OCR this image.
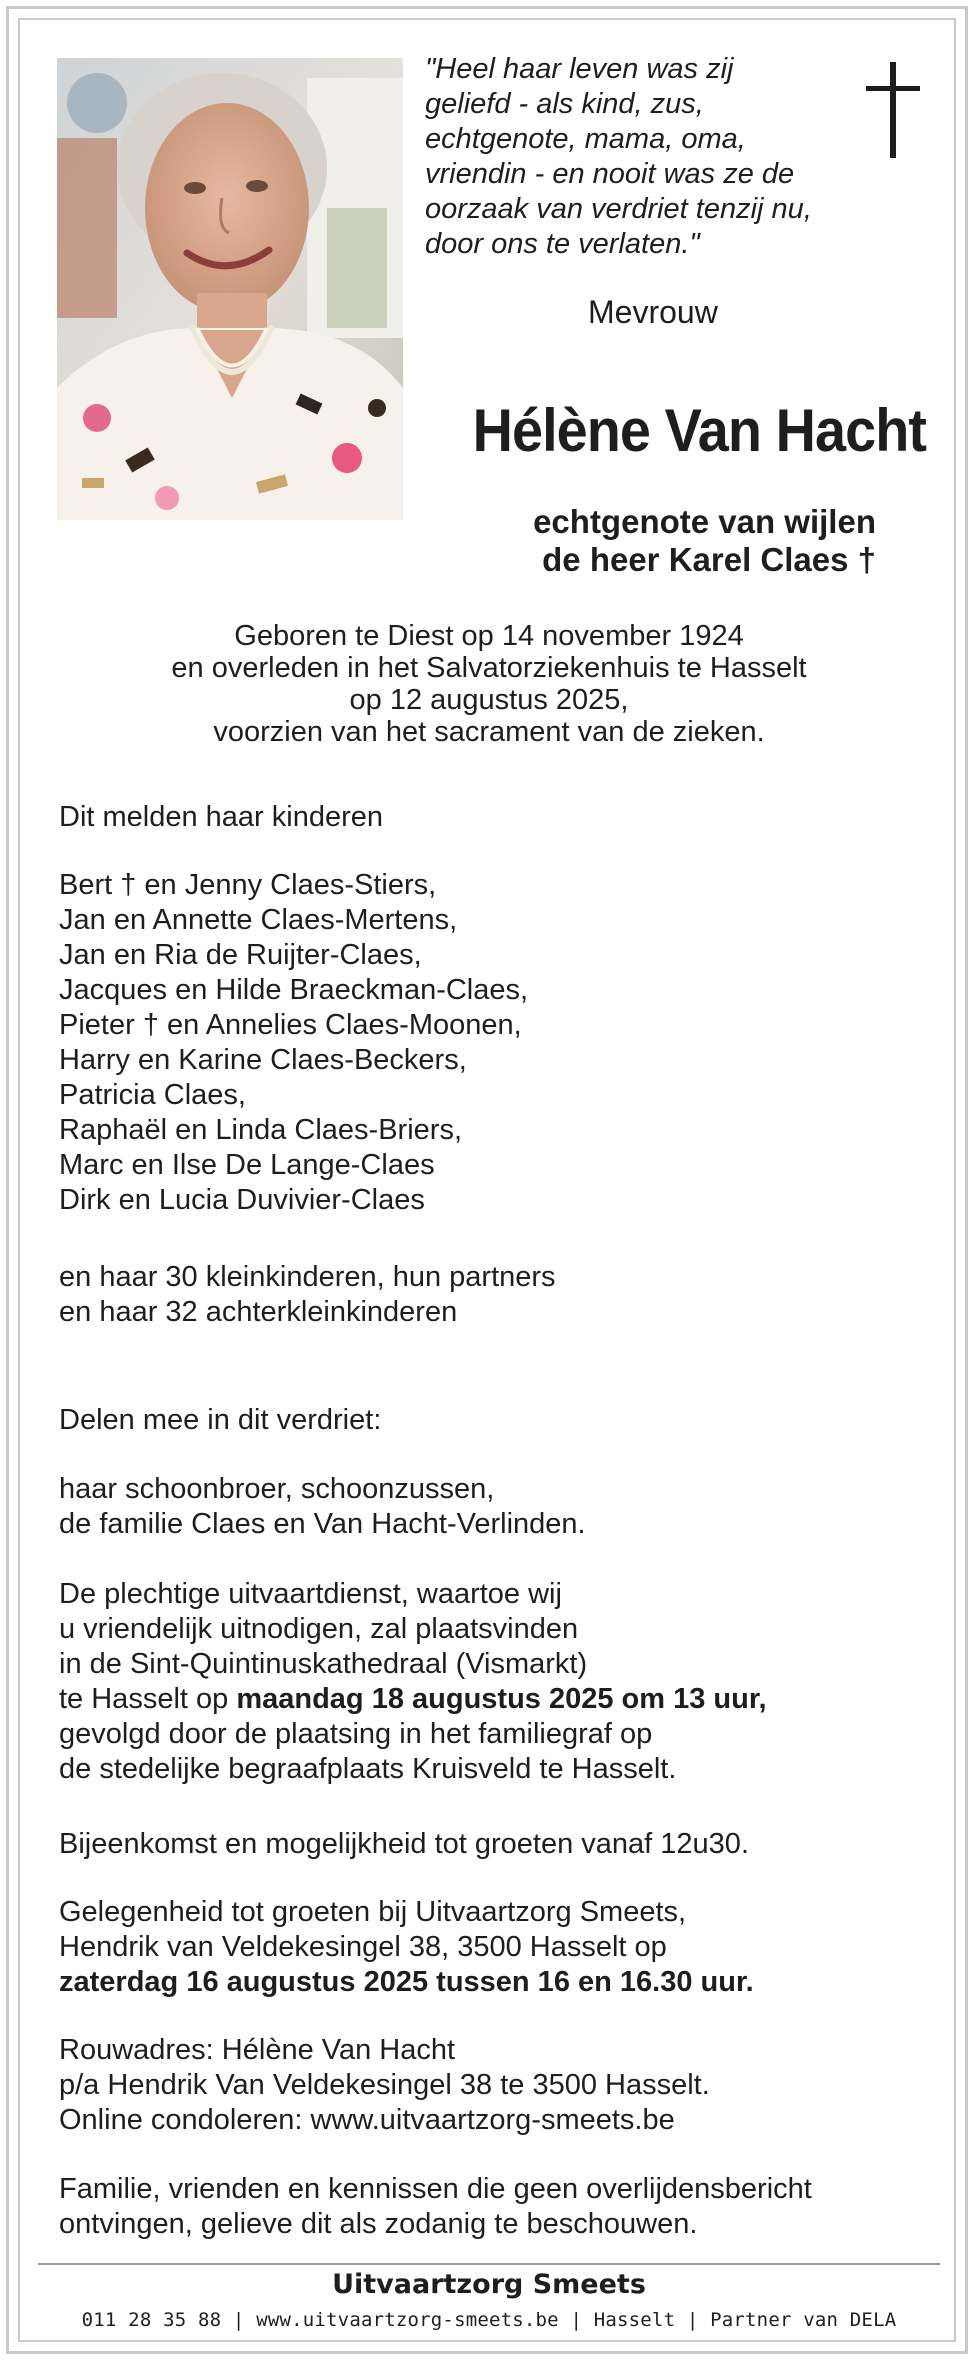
"Heel haar leven was zij
geliefd - als kind, zus,
echtgenote, mama, oma,
vriendin - en nooit was ze de
oorzaak van verdriet tenzij nu,
door ons te verlaten."
Mevrouw
Hélène Van Hacht
echtgenote van wijlen
de heer Karel Claes †
Geboren te Diest op 14 november 1924
en overleden in het Salvatorziekenhuis te Hasselt
op 12 augustus 2025,
voorzien van het sacrament van de zieken.
Dit melden haar kinderen
Bert † en Jenny Claes-Stiers,
Jan en Annette Claes-Mertens,
Jan en Ria de Ruijter-Claes,
Jacques en Hilde Braeckman-Claes,
Pieter † en Annelies Claes-Moonen,
Harry en Karine Claes-Beckers,
Patricia Claes,
Raphaël en Linda Claes-Briers,
Marc en Ilse De Lange-Claes
Dirk en Lucia Duvivier-Claes
en haar 30 kleinkinderen, hun partners
en haar 32 achterkleinkinderen
Delen mee in dit verdriet:
haar schoonbroer, schoonzussen,
de familie Claes en Van Hacht-Verlinden.
De plechtige uitvaartdienst, waartoe wij
u vriendelijk uitnodigen, zal plaatsvinden
in de Sint-Quintinuskathedraal (Vismarkt)
te Hasselt op maandag 18 augustus 2025 om 13 uur,
gevolgd door de plaatsing in het familiegraf op
de stedelijke begraafplaats Kruisveld te Hasselt.
Bijeenkomst en mogelijkheid tot groeten vanaf 12u30.
Gelegenheid tot groeten bij Uitvaartzorg Smeets,
Hendrik van Veldekesingel 38, 3500 Hasselt op
zaterdag 16 augustus 2025 tussen 16 en 16.30 uur.
Rouwadres: Hélène Van Hacht
p/a Hendrik Van Veldekesingel 38 te 3500 Hasselt.
Online condoleren: www.uitvaartzorg-smeets.be
Familie, vrienden en kennissen die geen overlijdensbericht
ontvingen, gelieve dit als zodanig te beschouwen.
Uitvaartzorg Smeets
011 28 35 88 | www.uitvaartzorg-smeets.be | Hasselt | Partner van DELA
